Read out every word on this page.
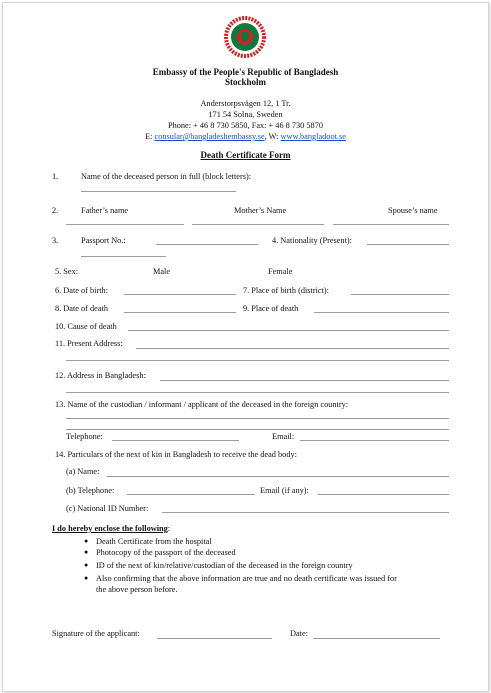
Embassy of the People's Republic of Bangladesh
Stockholm
Anderstorpsvägen 12, 1 Tr.
171 54 Solna, Sweden
Phone: + 46 8 730 5850, Fax: + 46 8 730 5870
E: consular@bangladeshembassy.se, W: www.bangladoot.se
Death Certificate Form
1.	Name of the deceased person in full (block letters):
2.	Father’s name	Mother’s Name	Spouse’s name
3.	Passport No.:	4. Nationality (Present):
5. Sex:	Male	Female
6. Date of birth:	7. Place of birth (district):
8. Date of death	9. Place of death
10. Cause of death
11. Present Address:
12. Address in Bangladesh:
13. Name of the custodian / informant / applicant of the deceased in the foreign country:
Telephone:	Email:
14. Particulars of the next of kin in Bangladesh to receive the dead body:
(a) Name:
(b) Telephone:	Email (if any):
(c) National ID Number:
I do hereby enclose the following:
● Death Certificate from the hospital
● Photocopy of the passport of the deceased
● ID of the next of kin/relative/custodian of the deceased in the foreign country
● Also confirming that the above information are true and no death certificate was issued for
the above person before.
Signature of the applicant:	Date:
